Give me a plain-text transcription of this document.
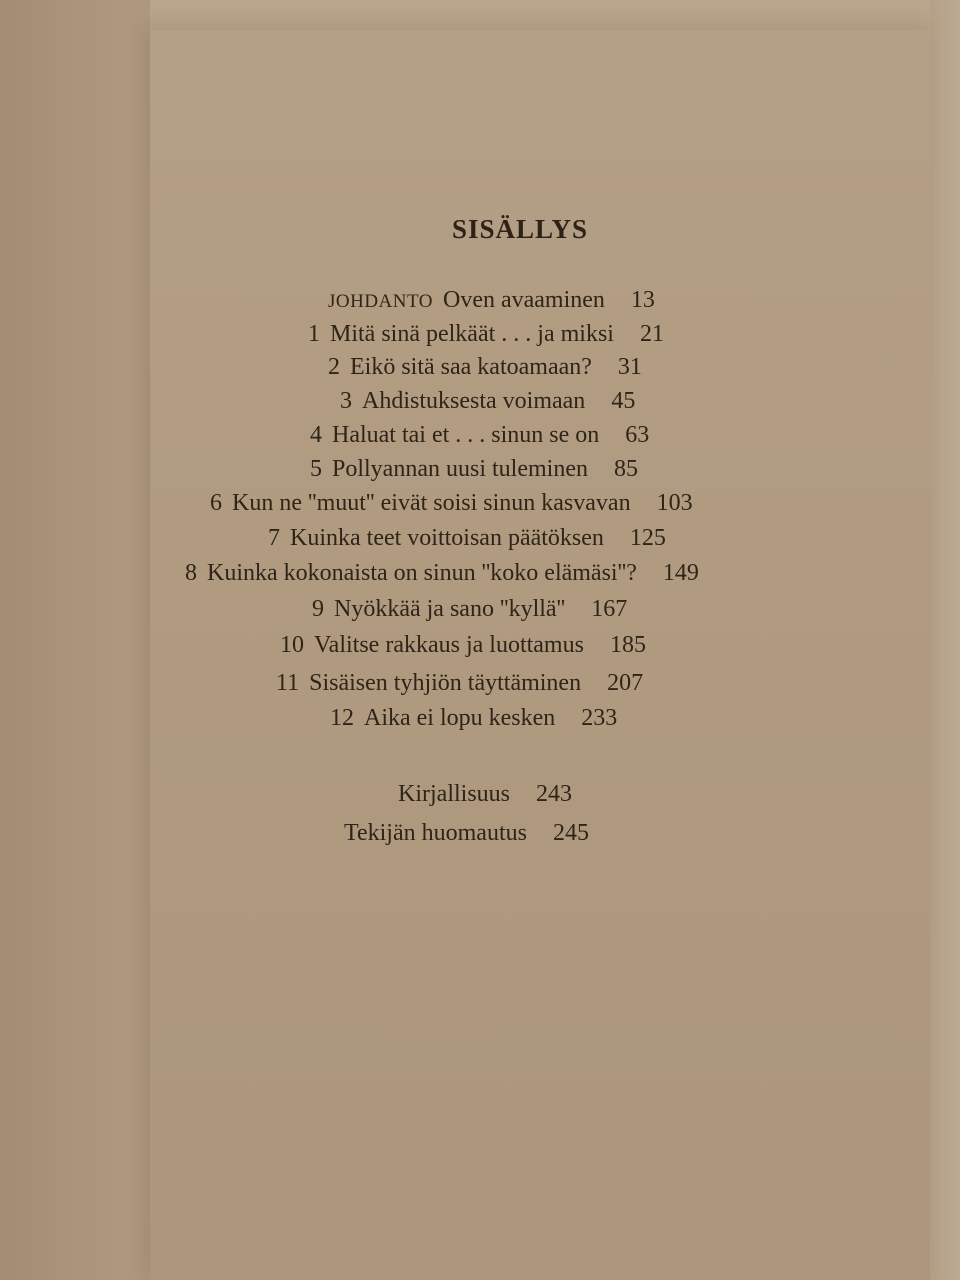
SISÄLLYS
JOHDANTO Oven avaaminen 13
1 Mitä sinä pelkäät . . . ja miksi 21
2 Eikö sitä saa katoamaan? 31
3 Ahdistuksesta voimaan 45
4 Haluat tai et . . . sinun se on 63
5 Pollyannan uusi tuleminen 85
6 Kun ne ''muut'' eivät soisi sinun kasvavan 103
7 Kuinka teet voittoisan päätöksen 125
8 Kuinka kokonaista on sinun ''koko elämäsi''? 149
9 Nyökkää ja sano ''kyllä'' 167
10 Valitse rakkaus ja luottamus 185
11 Sisäisen tyhjiön täyttäminen 207
12 Aika ei lopu kesken 233
Kirjallisuus 243
Tekijän huomautus 245
